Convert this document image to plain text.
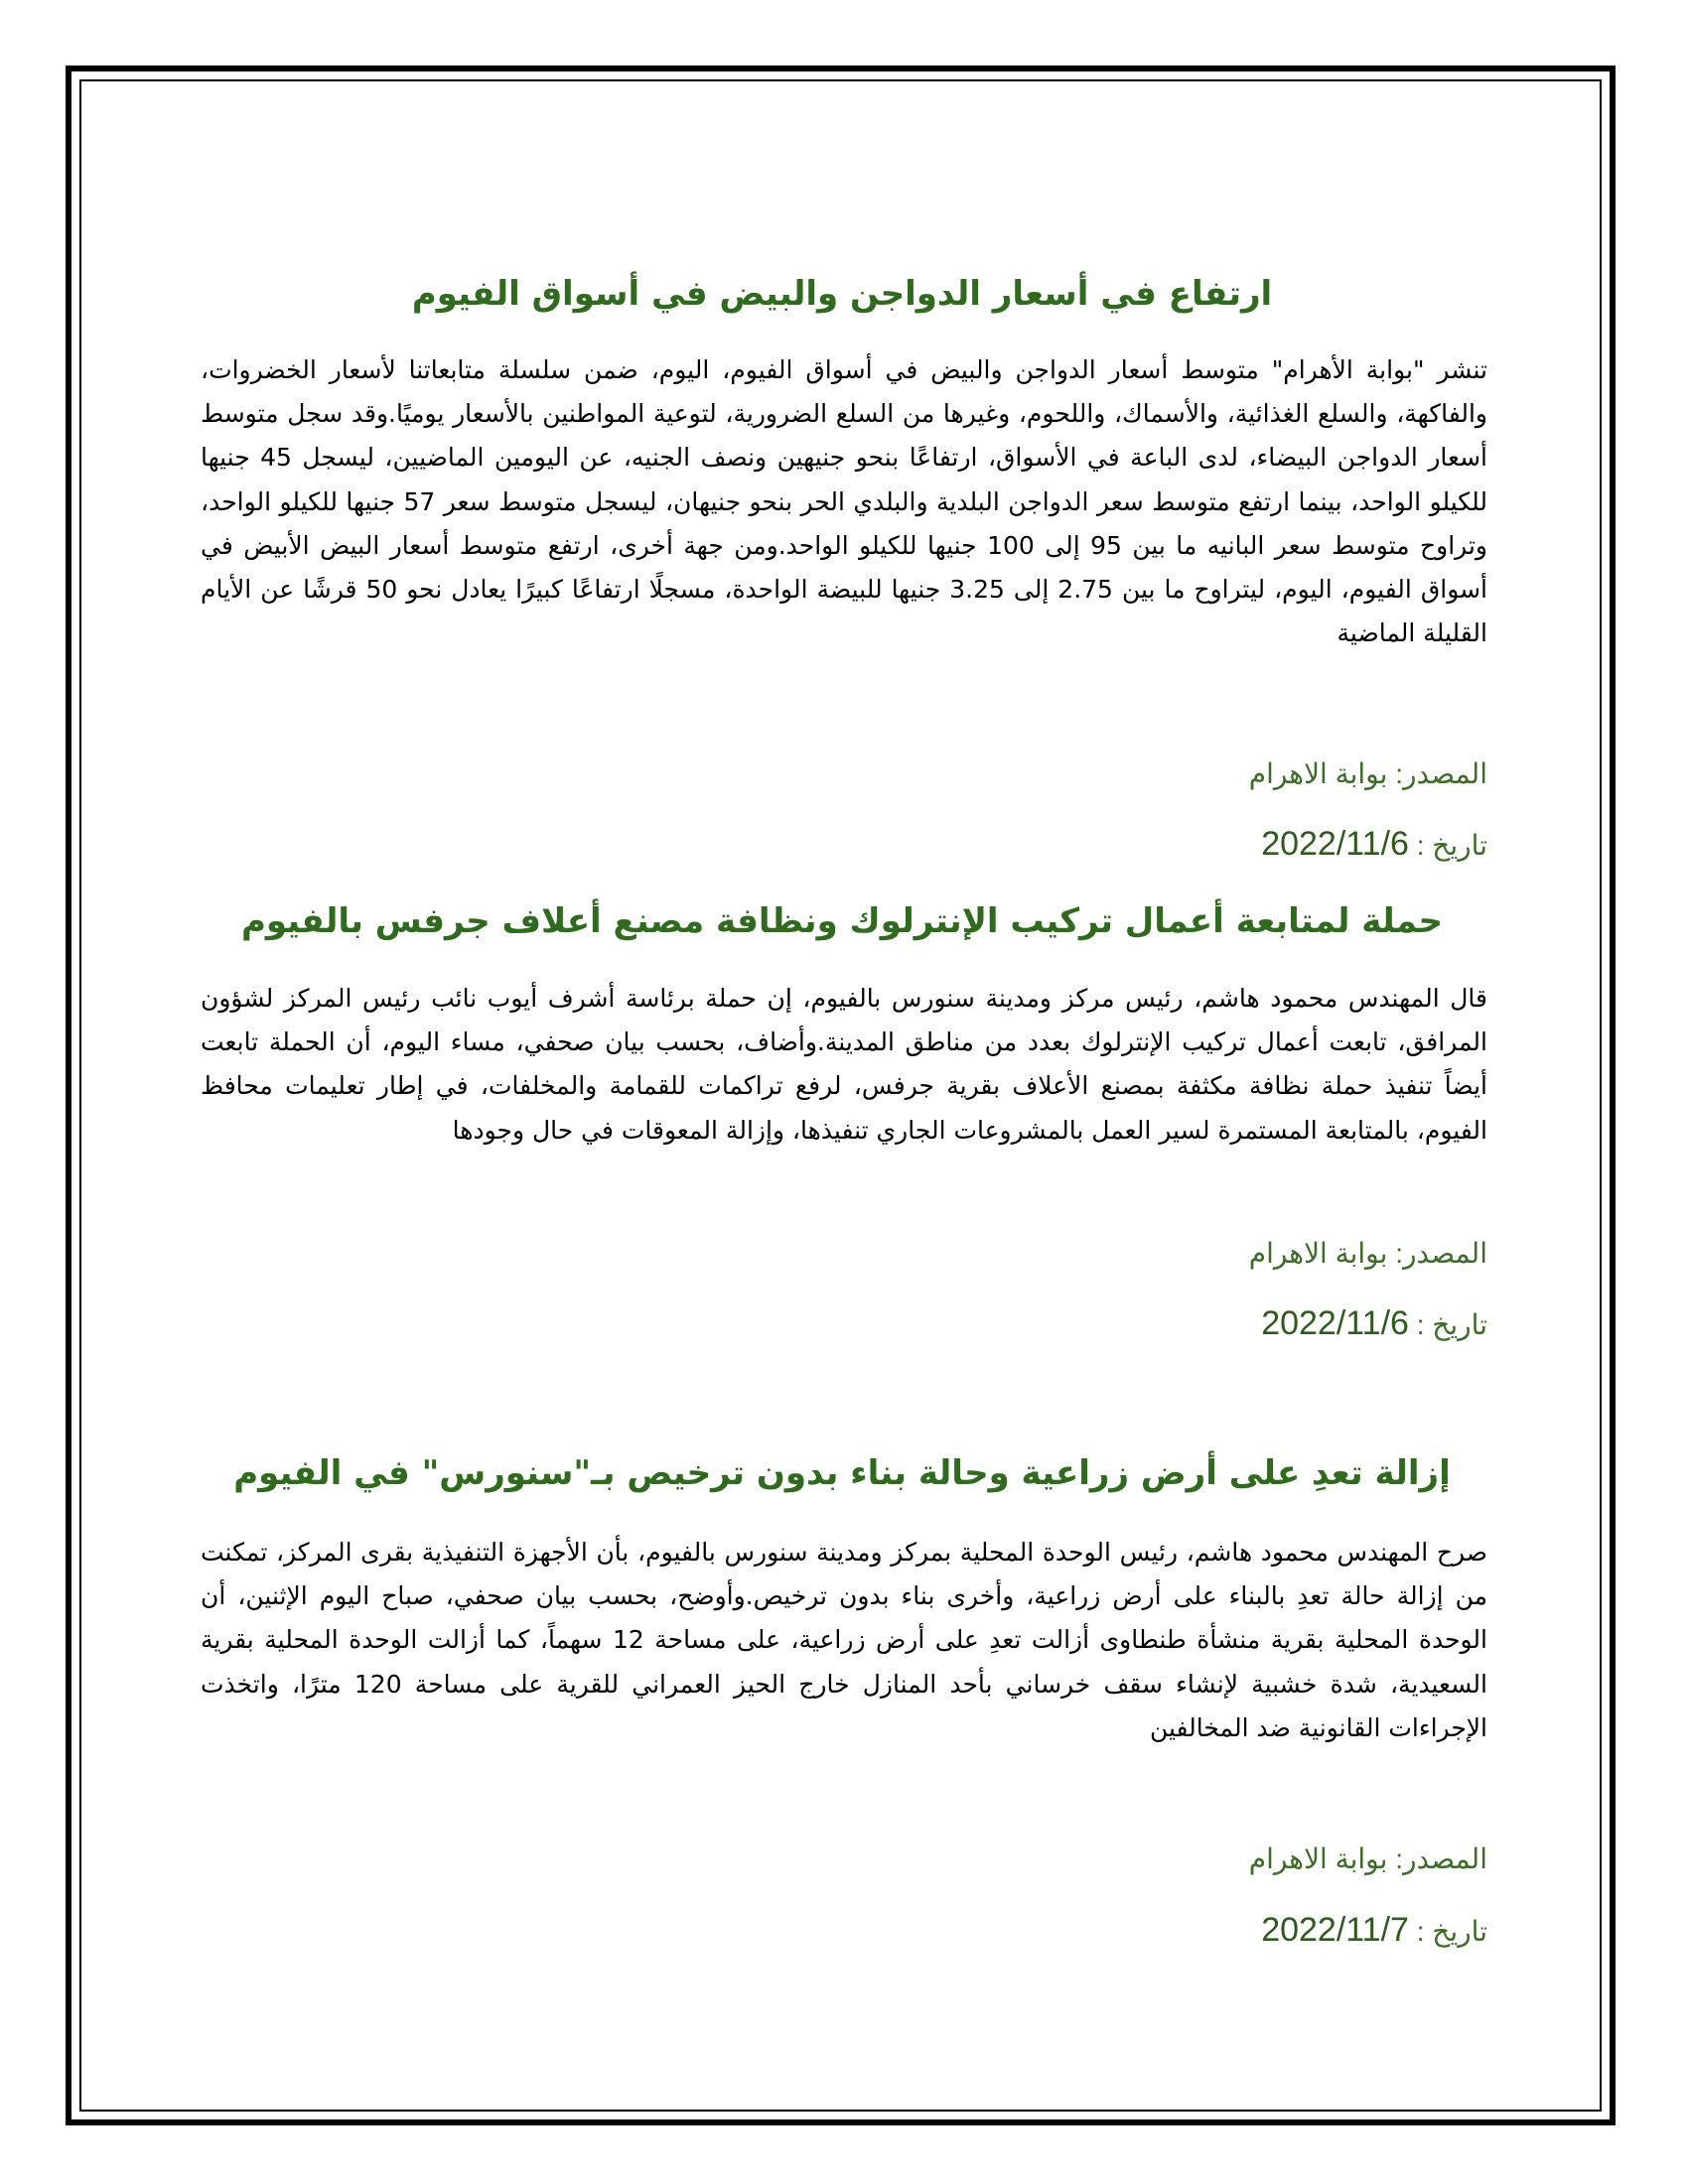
ارتفاع في أسعار الدواجن والبيض في أسواق الفيوم
تنشر "بوابة الأهرام" متوسط أسعار الدواجن والبيض في أسواق الفيوم، اليوم، ضمن سلسلة متابعاتنا لأسعار الخضروات، والفاكهة، والسلع الغذائية، والأسماك، واللحوم، وغيرها من السلع الضرورية، لتوعية المواطنين بالأسعار يوميًا.وقد سجل متوسط أسعار الدواجن البيضاء، لدى الباعة في الأسواق، ارتفاعًا بنحو جنيهين ونصف الجنيه، عن اليومين الماضيين، ليسجل 45 جنيها للكيلو الواحد، بينما ارتفع متوسط سعر الدواجن البلدية والبلدي الحر بنحو جنيهان، ليسجل متوسط سعر 57 جنيها للكيلو الواحد، وتراوح متوسط سعر البانيه ما بين 95 إلى 100 جنيها للكيلو الواحد.ومن جهة أخرى، ارتفع متوسط أسعار البيض الأبيض في أسواق الفيوم، اليوم، ليتراوح ما بين 2.75 إلى 3.25 جنيها للبيضة الواحدة، مسجلًا ارتفاعًا كبيرًا يعادل نحو 50 قرشًا عن الأيام القليلة الماضية
المصدر: بوابة الاهرام
تاريخ : 2022/11/6
حملة لمتابعة أعمال تركيب الإنترلوك ونظافة مصنع أعلاف جرفس بالفيوم
قال المهندس محمود هاشم، رئيس مركز ومدينة سنورس بالفيوم، إن حملة برئاسة أشرف أيوب نائب رئيس المركز لشؤون المرافق، تابعت أعمال تركيب الإنترلوك بعدد من مناطق المدينة.وأضاف، بحسب بيان صحفي، مساء اليوم، أن الحملة تابعت أيضاً تنفيذ حملة نظافة مكثفة بمصنع الأعلاف بقرية جرفس، لرفع تراكمات للقمامة والمخلفات، في إطار تعليمات محافظ الفيوم، بالمتابعة المستمرة لسير العمل بالمشروعات الجاري تنفيذها، وإزالة المعوقات في حال وجودها
المصدر: بوابة الاهرام
تاريخ : 2022/11/6
إزالة تعدِ على أرض زراعية وحالة بناء بدون ترخيص بـ"سنورس" في الفيوم
صرح المهندس محمود هاشم، رئيس الوحدة المحلية بمركز ومدينة سنورس بالفيوم، بأن الأجهزة التنفيذية بقرى المركز، تمكنت من إزالة حالة تعدِ بالبناء على أرض زراعية، وأخرى بناء بدون ترخيص.وأوضح، بحسب بيان صحفي، صباح اليوم الإثنين، أن الوحدة المحلية بقرية منشأة طنطاوى أزالت تعدِ على أرض زراعية، على مساحة 12 سهماً، كما أزالت الوحدة المحلية بقرية السعيدية، شدة خشبية لإنشاء سقف خرساني بأحد المنازل خارج الحيز العمراني للقرية على مساحة 120 مترًا، واتخذت الإجراءات القانونية ضد المخالفين
المصدر: بوابة الاهرام
تاريخ : 2022/11/7
